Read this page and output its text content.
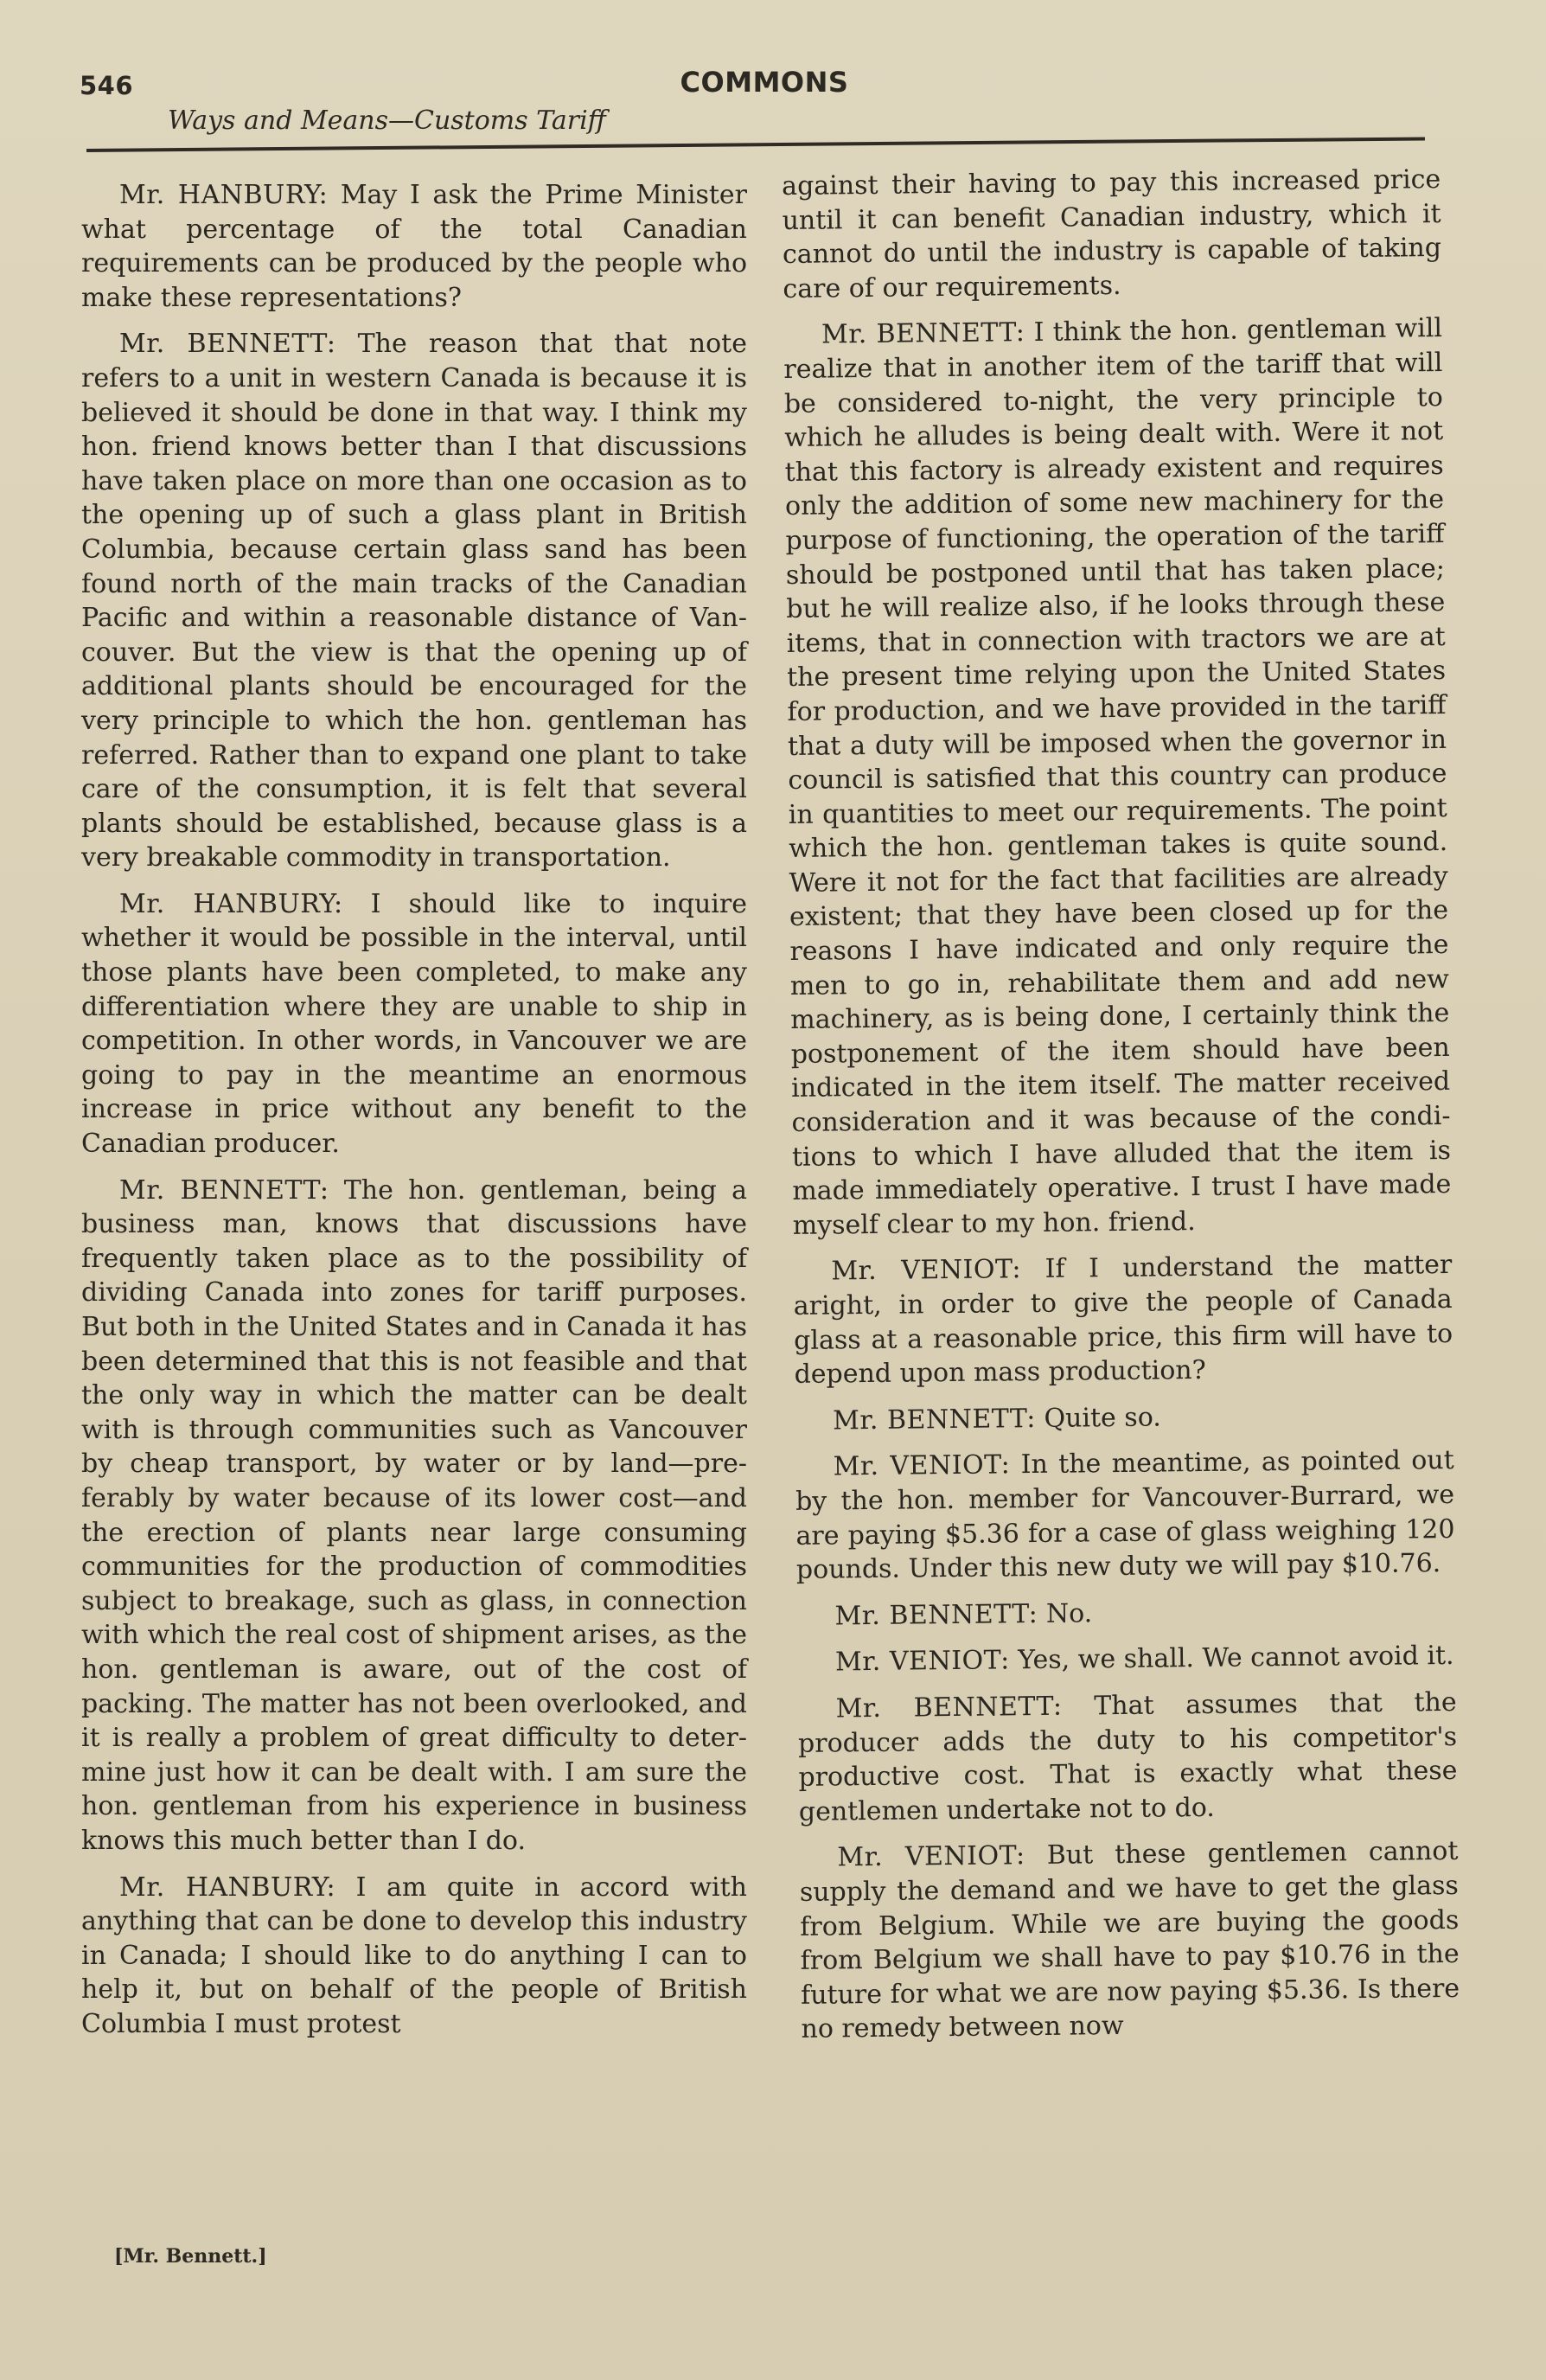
546	COMMONS
Ways and Means—Customs Tariff

Mr. HANBURY: May I ask the Prime Minister what percentage of the total Canadian requirements can be produced by the people who make these representations?

Mr. BENNETT: The reason that that note refers to a unit in western Canada is because it is believed it should be done in that way. I think my hon. friend knows better than I that discussions have taken place on more than one occasion as to the opening up of such a glass plant in British Columbia, because certain glass sand has been found north of the main tracks of the Canadian Pacific and within a reasonable distance of Vancouver. But the view is that the opening up of additional plants should be encouraged for the very principle to which the hon. gentleman has referred. Rather than to expand one plant to take care of the consumption, it is felt that several plants should be established, because glass is a very breakable commodity in transportation.

Mr. HANBURY: I should like to inquire whether it would be possible in the interval, until those plants have been completed, to make any differentiation where they are unable to ship in competition. In other words, in Vancouver we are going to pay in the meantime an enormous increase in price without any benefit to the Canadian producer.

Mr. BENNETT: The hon. gentleman, being a business man, knows that discussions have frequently taken place as to the possibility of dividing Canada into zones for tariff purposes. But both in the United States and in Canada it has been determined that this is not feasible and that the only way in which the matter can be dealt with is through communities such as Vancouver by cheap transport, by water or by land—preferably by water because of its lower cost—and the erection of plants near large consuming communities for the production of commodities subject to breakage, such as glass, in connection with which the real cost of shipment arises, as the hon. gentleman is aware, out of the cost of packing. The matter has not been overlooked, and it is really a problem of great difficulty to determine just how it can be dealt with. I am sure the hon. gentleman from his experience in business knows this much better than I do.

Mr. HANBURY: I am quite in accord with anything that can be done to develop this industry in Canada; I should like to do anything I can to help it, but on behalf of the people of British Columbia I must protest

against their having to pay this increased price until it can benefit Canadian industry, which it cannot do until the industry is capable of taking care of our requirements.

Mr. BENNETT: I think the hon. gentleman will realize that in another item of the tariff that will be considered to-night, the very principle to which he alludes is being dealt with. Were it not that this factory is already existent and requires only the addition of some new machinery for the purpose of functioning, the operation of the tariff should be postponed until that has taken place; but he will realize also, if he looks through these items, that in connection with tractors we are at the present time relying upon the United States for production, and we have provided in the tariff that a duty will be imposed when the governor in council is satisfied that this country can produce in quantities to meet our requirements. The point which the hon. gentleman takes is quite sound. Were it not for the fact that facilities are already existent; that they have been closed up for the reasons I have indicated and only require the men to go in, rehabilitate them and add new machinery, as is being done, I certainly think the postponement of the item should have been indicated in the item itself. The matter received consideration and it was because of the conditions to which I have alluded that the item is made immediately operative. I trust I have made myself clear to my hon. friend.

Mr. VENIOT: If I understand the matter aright, in order to give the people of Canada glass at a reasonable price, this firm will have to depend upon mass production?

Mr. BENNETT: Quite so.

Mr. VENIOT: In the meantime, as pointed out by the hon. member for Vancouver-Burrard, we are paying $5.36 for a case of glass weighing 120 pounds. Under this new duty we will pay $10.76.

Mr. BENNETT: No.

Mr. VENIOT: Yes, we shall. We cannot avoid it.

Mr. BENNETT: That assumes that the producer adds the duty to his competitor's productive cost. That is exactly what these gentlemen undertake not to do.

Mr. VENIOT: But these gentlemen cannot supply the demand and we have to get the glass from Belgium. While we are buying the goods from Belgium we shall have to pay $10.76 in the future for what we are now paying $5.36. Is there no remedy between now

[Mr. Bennett.]
